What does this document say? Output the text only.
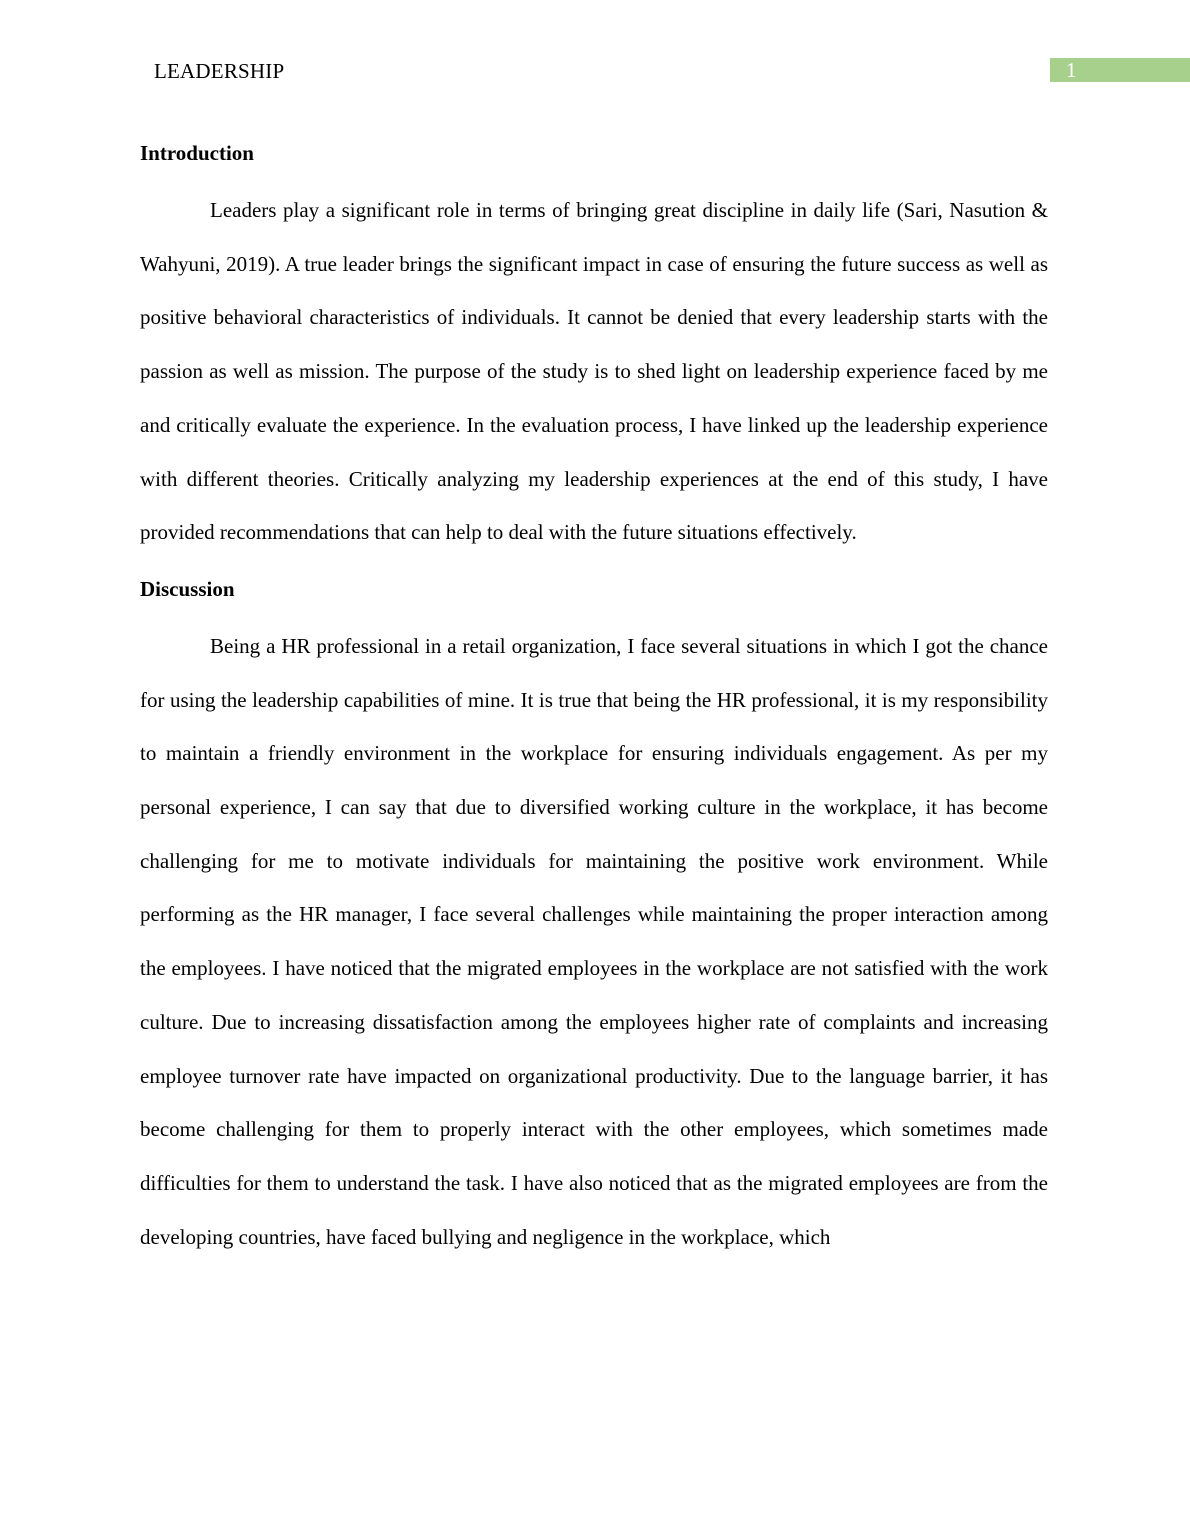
LEADERSHIP	1
Introduction

Leaders play a significant role in terms of bringing great discipline in daily life (Sari, Nasution & Wahyuni, 2019). A true leader brings the significant impact in case of ensuring the future success as well as positive behavioral characteristics of individuals. It cannot be denied that every leadership starts with the passion as well as mission. The purpose of the study is to shed light on leadership experience faced by me and critically evaluate the experience. In the evaluation process, I have linked up the leadership experience with different theories. Critically analyzing my leadership experiences at the end of this study, I have provided recommendations that can help to deal with the future situations effectively.

Discussion

Being a HR professional in a retail organization, I face several situations in which I got the chance for using the leadership capabilities of mine. It is true that being the HR professional, it is my responsibility to maintain a friendly environment in the workplace for ensuring individuals engagement. As per my personal experience, I can say that due to diversified working culture in the workplace, it has become challenging for me to motivate individuals for maintaining the positive work environment. While performing as the HR manager, I face several challenges while maintaining the proper interaction among the employees. I have noticed that the migrated employees in the workplace are not satisfied with the work culture. Due to increasing dissatisfaction among the employees higher rate of complaints and increasing employee turnover rate have impacted on organizational productivity. Due to the language barrier, it has become challenging for them to properly interact with the other employees, which sometimes made difficulties for them to understand the task. I have also noticed that as the migrated employees are from the developing countries, have faced bullying and negligence in the workplace, which
